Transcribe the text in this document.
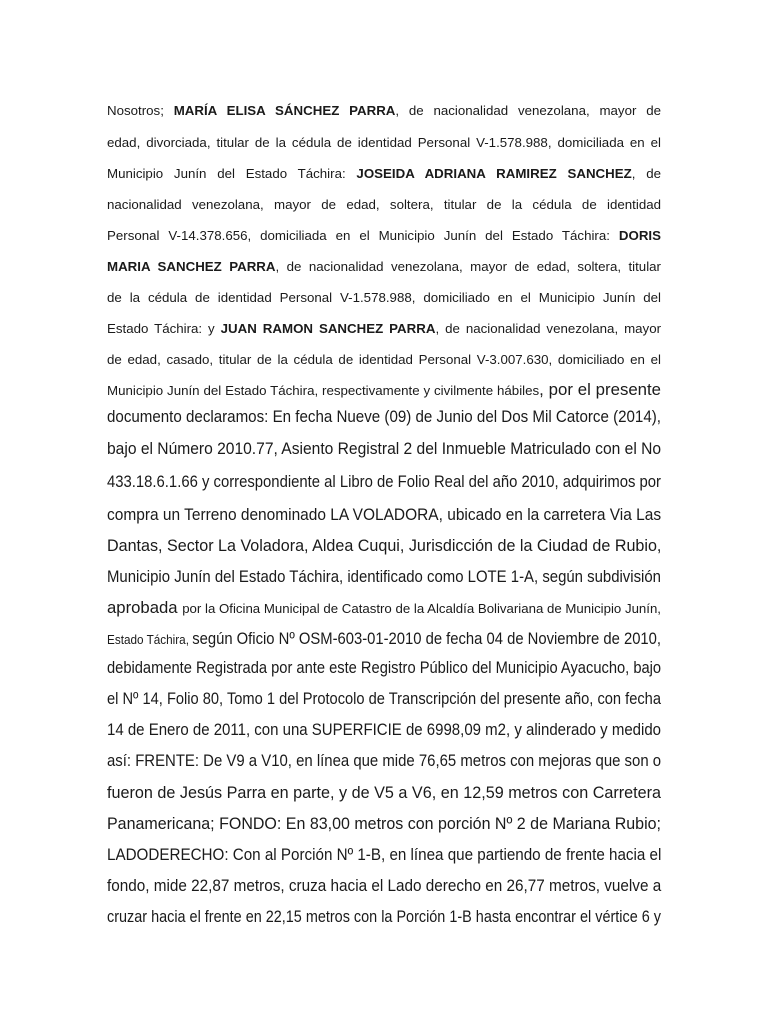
Nosotros; MARÍA ELISA SÁNCHEZ PARRA, de nacionalidad venezolana, mayor de

edad, divorciada, titular de la cédula de identidad Personal V-1.578.988, domiciliada en el

Municipio Junín del Estado Táchira: JOSEIDA ADRIANA RAMIREZ SANCHEZ, de

nacionalidad venezolana, mayor de edad, soltera, titular de la cédula de identidad

Personal V-14.378.656, domiciliada en el Municipio Junín del Estado Táchira: DORIS

MARIA SANCHEZ PARRA, de nacionalidad venezolana, mayor de edad, soltera, titular

de la cédula de identidad Personal V-1.578.988, domiciliado en el Municipio Junín del

Estado Táchira: y JUAN RAMON SANCHEZ PARRA, de nacionalidad venezolana, mayor

de edad, casado, titular de la cédula de identidad Personal V-3.007.630, domiciliado en el

Municipio Junín del Estado Táchira, respectivamente y civilmente hábiles, por el presente

documento declaramos: En fecha Nueve (09) de Junio del Dos Mil Catorce (2014),

bajo el Número 2010.77, Asiento Registral 2 del Inmueble Matriculado con el No

433.18.6.1.66 y correspondiente al Libro de Folio Real del año 2010, adquirimos por

compra un Terreno denominado LA VOLADORA, ubicado en la carretera Via Las

Dantas, Sector La Voladora, Aldea Cuqui, Jurisdicción de la Ciudad de Rubio,

Municipio Junín del Estado Táchira, identificado como LOTE 1-A, según subdivisión

aprobada por la Oficina Municipal de Catastro de la Alcaldía Bolivariana de Municipio Junín,

Estado Táchira, según Oficio Nº OSM-603-01-2010 de fecha 04 de Noviembre de 2010,

debidamente Registrada por ante este Registro Público del Municipio Ayacucho, bajo

el Nº 14, Folio 80, Tomo 1 del Protocolo de Transcripción del presente año, con fecha

14 de Enero de 2011, con una SUPERFICIE de 6998,09 m2, y alinderado y medido

así: FRENTE: De V9 a V10, en línea que mide 76,65 metros con mejoras que son o

fueron de Jesús Parra en parte, y de V5 a V6, en 12,59 metros con Carretera

Panamericana; FONDO: En 83,00 metros con porción Nº 2 de Mariana Rubio;

LADODERECHO: Con al Porción Nº 1-B, en línea que partiendo de frente hacia el

fondo, mide 22,87 metros, cruza hacia el Lado derecho en 26,77 metros, vuelve a

cruzar hacia el frente en 22,15 metros con la Porción 1-B hasta encontrar el vértice 6 y
